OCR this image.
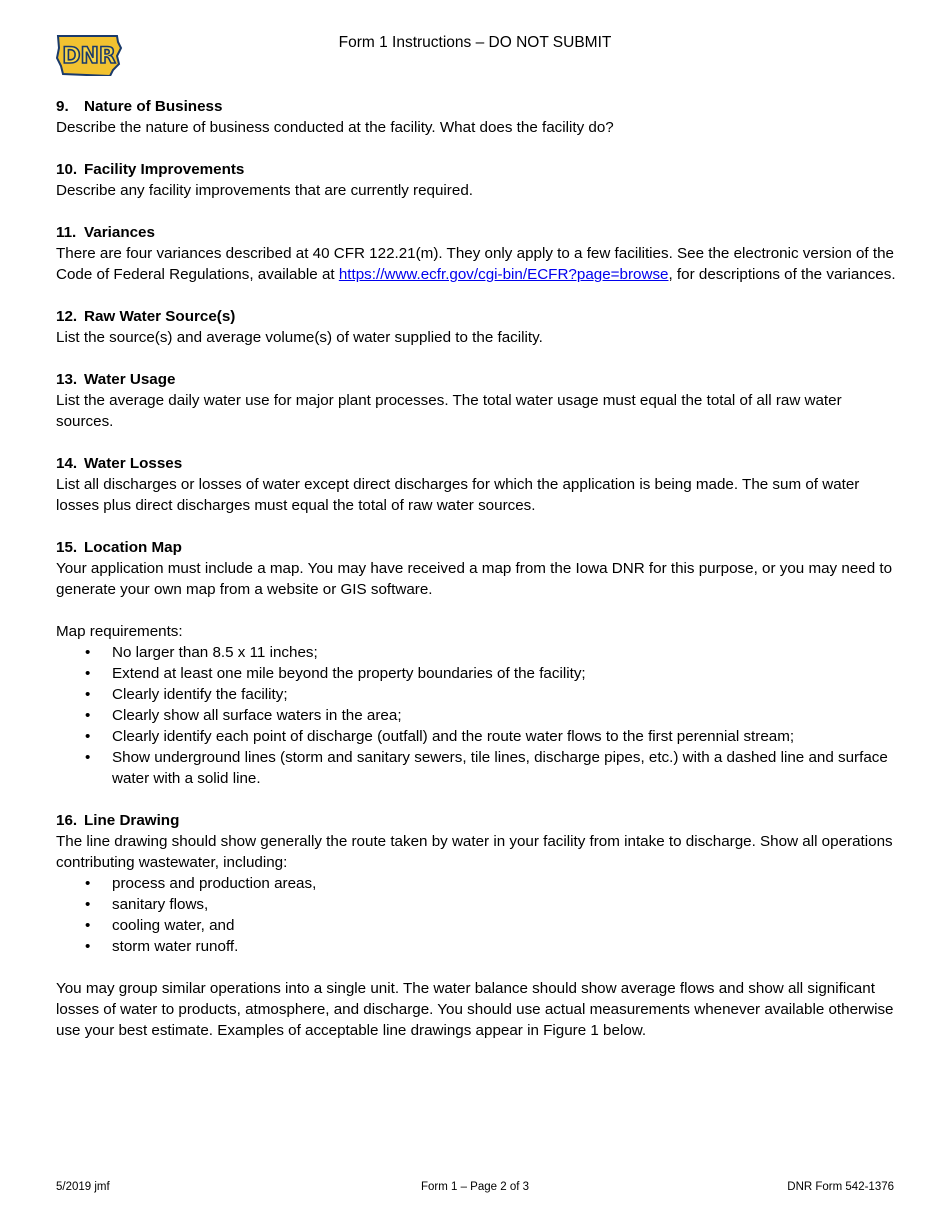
DNR
Form 1 Instructions – DO NOT SUBMIT
9. Nature of Business

Describe the nature of business conducted at the facility. What does the facility do?

10. Facility Improvements

Describe any facility improvements that are currently required.

11. Variances

There are four variances described at 40 CFR 122.21(m). They only apply to a few facilities. See the electronic version of the Code of Federal Regulations, available at https://www.ecfr.gov/cgi-bin/ECFR?page=browse, for descriptions of the variances.

12. Raw Water Source(s)

List the source(s) and average volume(s) of water supplied to the facility.

13. Water Usage

List the average daily water use for major plant processes. The total water usage must equal the total of all raw water sources.

14. Water Losses

List all discharges or losses of water except direct discharges for which the application is being made. The sum of water losses plus direct discharges must equal the total of raw water sources.

15. Location Map

Your application must include a map. You may have received a map from the Iowa DNR for this purpose, or you may need to generate your own map from a website or GIS software.

Map requirements:

• No larger than 8.5 x 11 inches;
• Extend at least one mile beyond the property boundaries of the facility;
• Clearly identify the facility;
• Clearly show all surface waters in the area;
• Clearly identify each point of discharge (outfall) and the route water flows to the first perennial stream;
• Show underground lines (storm and sanitary sewers, tile lines, discharge pipes, etc.) with a dashed line and surface water with a solid line.
16. Line Drawing

The line drawing should show generally the route taken by water in your facility from intake to discharge. Show all operations contributing wastewater, including:

• process and production areas,
• sanitary flows,
• cooling water, and
• storm water runoff.

You may group similar operations into a single unit. The water balance should show average flows and show all significant losses of water to products, atmosphere, and discharge. You should use actual measurements whenever available otherwise use your best estimate. Examples of acceptable line drawings appear in Figure 1 below.

5/2019 jmf	Form 1 – Page 2 of 3	DNR Form 542-1376
